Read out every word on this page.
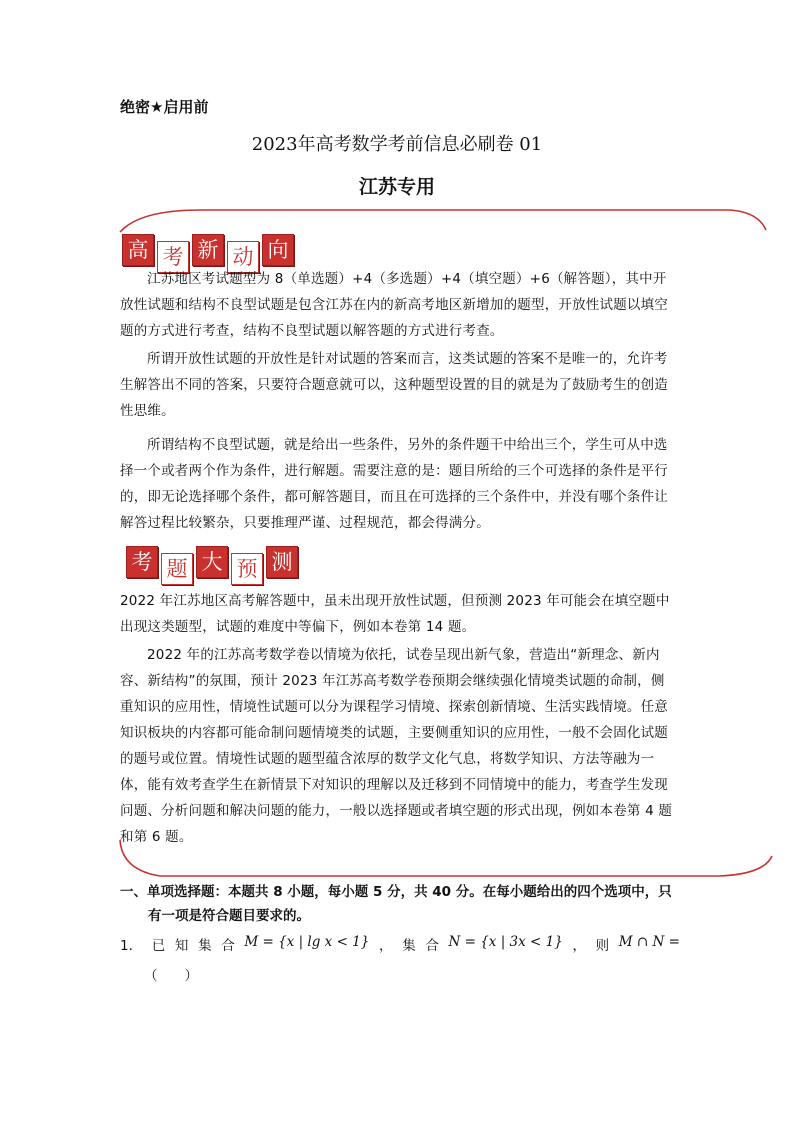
绝密★启用前
2023年高考数学考前信息必刷卷 01
江苏专用
高 考 新 动 向
江苏地区考试题型为 8（单选题）+4（多选题）+4（填空题）+6（解答题），其中开放性试题和结构不良型试题是包含江苏在内的新高考地区新增加的题型，开放性试题以填空题的方式进行考查，结构不良型试题以解答题的方式进行考查。
所谓开放性试题的开放性是针对试题的答案而言，这类试题的答案不是唯一的，允许考生解答出不同的答案，只要符合题意就可以，这种题型设置的目的就是为了鼓励考生的创造性思维。
所谓结构不良型试题，就是给出一些条件，另外的条件题干中给出三个，学生可从中选择一个或者两个作为条件，进行解题。需要注意的是：题目所给的三个可选择的条件是平行的，即无论选择哪个条件，都可解答题目，而且在可选择的三个条件中，并没有哪个条件让解答过程比较繁杂，只要推理严谨、过程规范，都会得满分。
考 题 大 预 测
2022 年江苏地区高考解答题中，虽未出现开放性试题，但预测 2023 年可能会在填空题中出现这类题型，试题的难度中等偏下，例如本卷第 14 题。
2022 年的江苏高考数学卷以情境为依托，试卷呈现出新气象，营造出“新理念、新内容、新结构”的氛围，预计 2023 年江苏高考数学卷预期会继续强化情境类试题的命制，侧重知识的应用性，情境性试题可以分为课程学习情境、探索创新情境、生活实践情境。任意知识板块的内容都可能命制问题情境类的试题，主要侧重知识的应用性，一般不会固化试题的题号或位置。情境性试题的题型蕴含浓厚的数学文化气息，将数学知识、方法等融为一体，能有效考查学生在新情景下对知识的理解以及迁移到不同情境中的能力，考查学生发现问题、分析问题和解决问题的能力，一般以选择题或者填空题的形式出现，例如本卷第 4 题和第 6 题。
一、单项选择题：本题共 8 小题，每小题 5 分，共 40 分。在每小题给出的四个选项中，只
有一项是符合题目要求的。
1． 已 知 集 合 M = {x | lg x < 1} ， 集 合 N = {x | 3x < 1} ， 则 M ∩ N =
（　　）
